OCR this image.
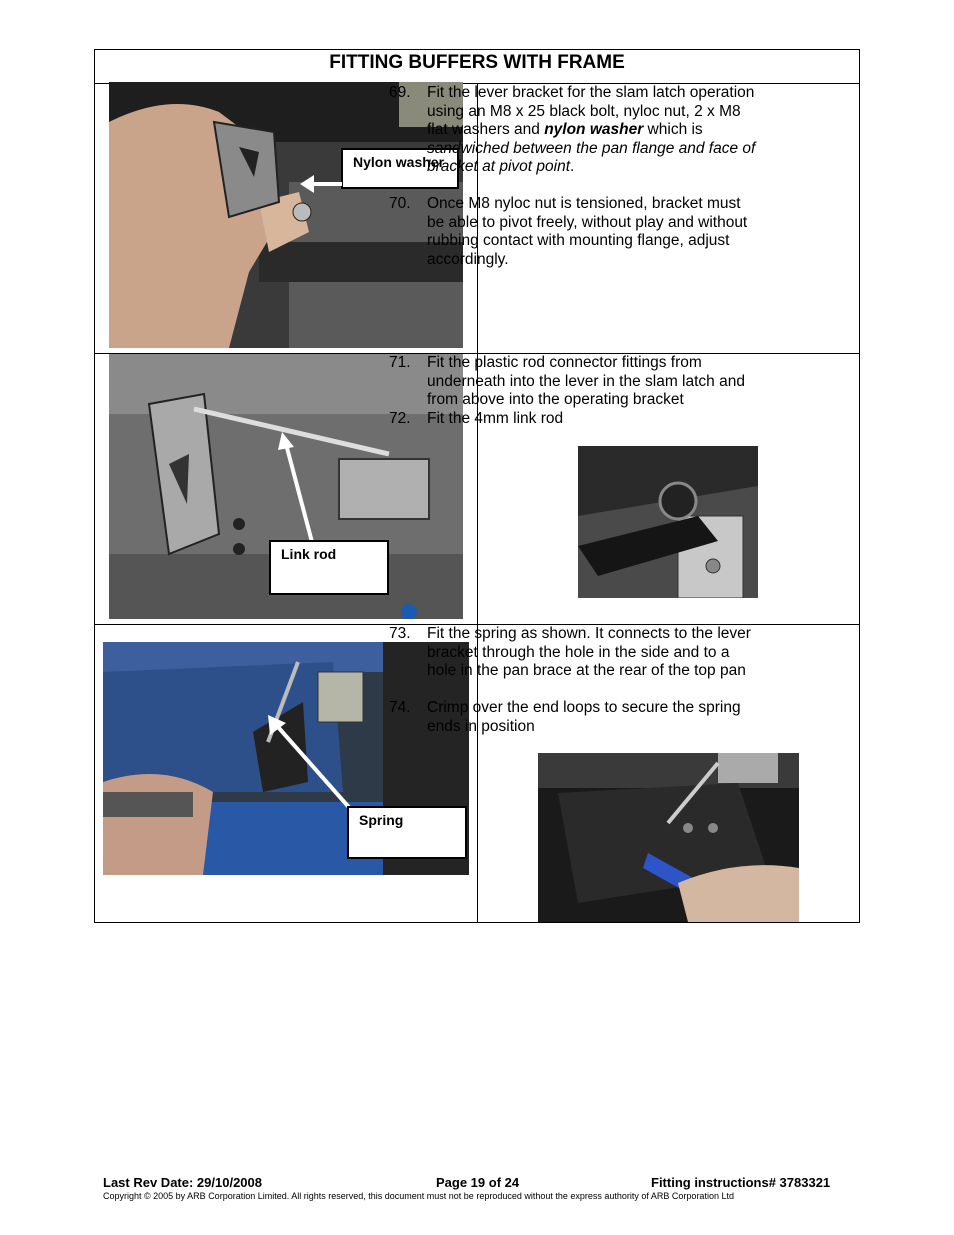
FITTING BUFFERS WITH FRAME
Nylon washer
Link rod
Spring
69. Fit the lever bracket for the slam latch operation using an M8 x 25 black bolt, nyloc nut, 2 x M8 flat washers and nylon washer which is sandwiched between the pan flange and face of bracket at pivot point.
70. Once M8 nyloc nut is tensioned, bracket must be able to pivot freely, without play and without rubbing contact with mounting flange, adjust accordingly.
71. Fit the plastic rod connector fittings from underneath into the lever in the slam latch and from above into the operating bracket
72. Fit the 4mm link rod
73. Fit the spring as shown. It connects to the lever bracket through the hole in the side and to a hole in the pan brace at the rear of the top pan
74. Crimp over the end loops to secure the spring ends in position
Last Rev Date: 29/10/2008	Page 19 of 24	Fitting instructions# 3783321
Copyright © 2005 by ARB Corporation Limited. All rights reserved, this document must not be reproduced without the express authority of ARB Corporation Ltd
